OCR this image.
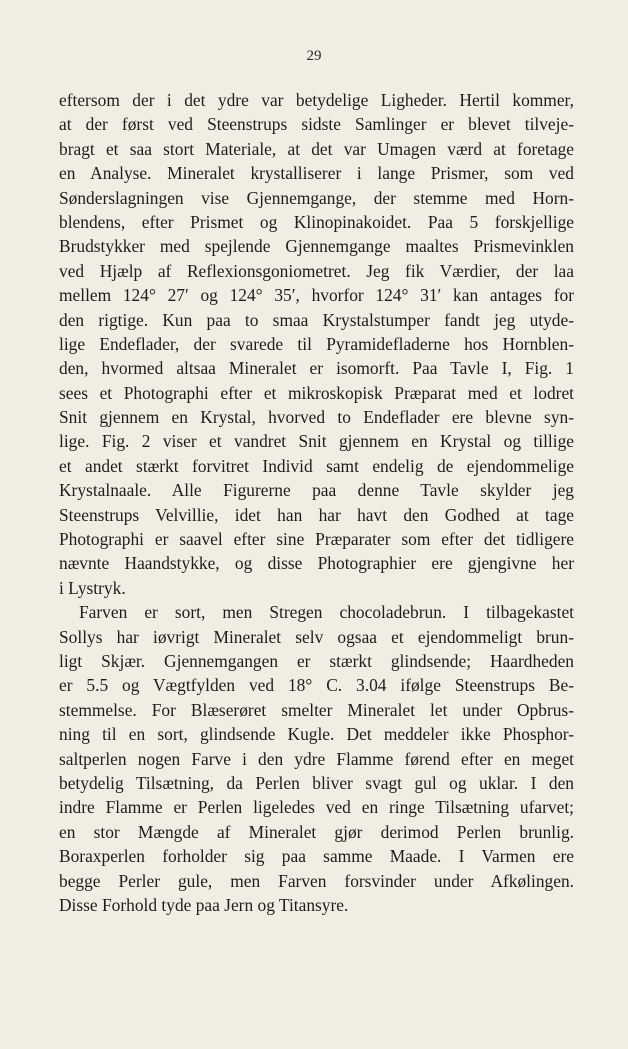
29
eftersom der i det ydre var betydelige Ligheder. Hertil kommer,
at der først ved Steenstrups sidste Samlinger er blevet tilveje-
bragt et saa stort Materiale, at det var Umagen værd at foretage
en Analyse. Mineralet krystalliserer i lange Prismer, som ved
Sønderslagningen vise Gjennemgange, der stemme med Horn-
blendens, efter Prismet og Klinopinakoidet. Paa 5 forskjellige
Brudstykker med spejlende Gjennemgange maaltes Prismevinklen
ved Hjælp af Reflexionsgoniometret. Jeg fik Værdier, der laa
mellem 124° 27′ og 124° 35′, hvorfor 124° 31′ kan antages for
den rigtige. Kun paa to smaa Krystalstumper fandt jeg utyde-
lige Endeflader, der svarede til Pyramidefladerne hos Hornblen-
den, hvormed altsaa Mineralet er isomorft. Paa Tavle I, Fig. 1
sees et Photographi efter et mikroskopisk Præparat med et lodret
Snit gjennem en Krystal, hvorved to Endeflader ere blevne syn-
lige. Fig. 2 viser et vandret Snit gjennem en Krystal og tillige
et andet stærkt forvitret Individ samt endelig de ejendommelige
Krystalnaale. Alle Figurerne paa denne Tavle skylder jeg
Steenstrups Velvillie, idet han har havt den Godhed at tage
Photographi er saavel efter sine Præparater som efter det tidligere
nævnte Haandstykke, og disse Photographier ere gjengivne her
i Lystryk.
Farven er sort, men Stregen chocoladebrun. I tilbagekastet
Sollys har iøvrigt Mineralet selv ogsaa et ejendommeligt brun-
ligt Skjær. Gjennemgangen er stærkt glindsende; Haardheden
er 5.5 og Vægtfylden ved 18° C. 3.04 ifølge Steenstrups Be-
stemmelse. For Blæserøret smelter Mineralet let under Opbrus-
ning til en sort, glindsende Kugle. Det meddeler ikke Phosphor-
saltperlen nogen Farve i den ydre Flamme førend efter en meget
betydelig Tilsætning, da Perlen bliver svagt gul og uklar. I den
indre Flamme er Perlen ligeledes ved en ringe Tilsætning ufarvet;
en stor Mængde af Mineralet gjør derimod Perlen brunlig.
Boraxperlen forholder sig paa samme Maade. I Varmen ere
begge Perler gule, men Farven forsvinder under Afkølingen.
Disse Forhold tyde paa Jern og Titansyre.
